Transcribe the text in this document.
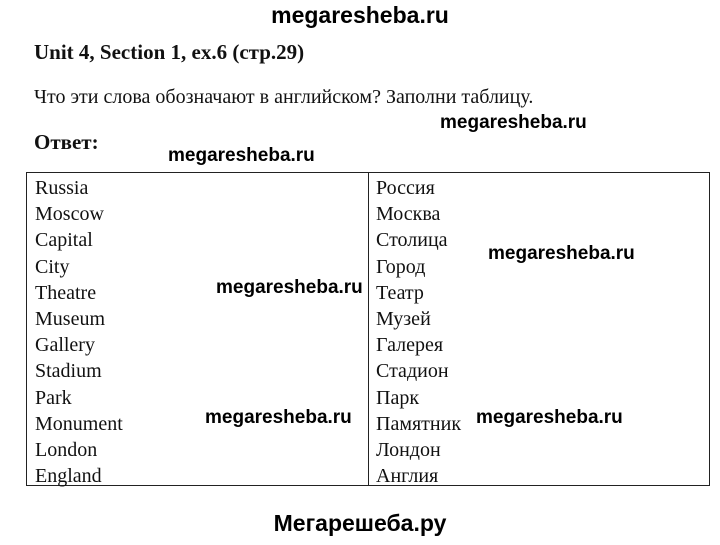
megaresheba.ru
Unit 4, Section 1, ex.6 (стр.29)
Что эти слова обозначают в английском? Заполни таблицу.
Ответ:
Russia
Moscow
Capital
City
Theatre
Museum
Gallery
Stadium
Park
Monument
London
England
Россия
Москва
Столица
Город
Театр
Музей
Галерея
Стадион
Парк
Памятник
Лондон
Англия
megaresheba.ru
megaresheba.ru
megaresheba.ru
megaresheba.ru
megaresheba.ru	megaresheba.ru
Мегарешеба.ру
